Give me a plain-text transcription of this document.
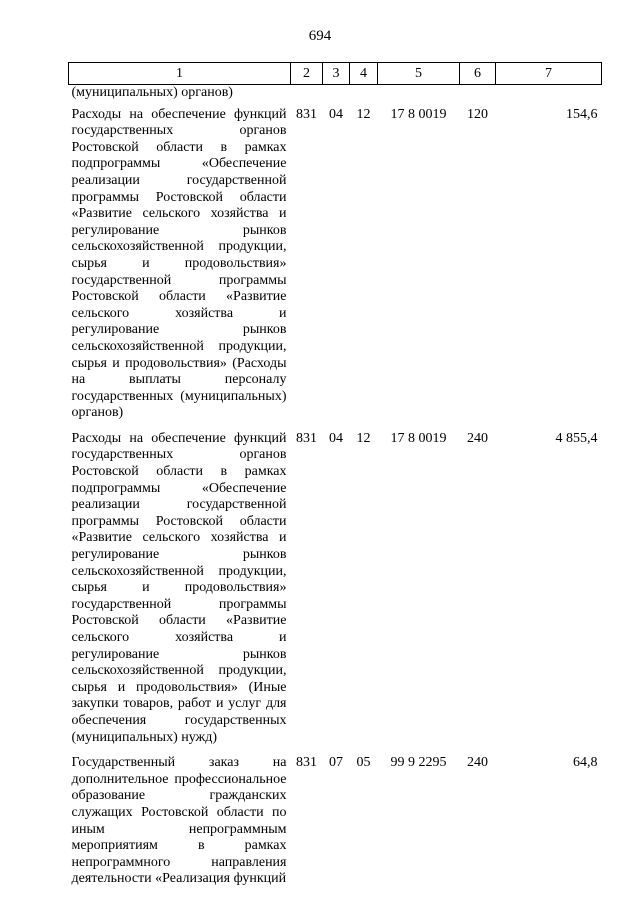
694
1	2	3	4	5	6	7
(муниципальных) органов)						
Расходы на обеспечение функций государственных органов Ростовской области в рамках подпрограммы «Обеспечение реализации государственной программы Ростовской области «Развитие сельского хозяйства и регулирование рынков сельскохозяйственной продукции, сырья и продовольствия» государственной программы Ростовской области «Развитие сельского хозяйства и регулирование рынков сельскохозяйственной продукции, сырья и продовольствия» (Расходы на выплаты персоналу государственных (муниципальных) органов)	831	04	12	17 8 0019	120	154,6
Расходы на обеспечение функций государственных органов Ростовской области в рамках подпрограммы «Обеспечение реализации государственной программы Ростовской области «Развитие сельского хозяйства и регулирование рынков сельскохозяйственной продукции, сырья и продовольствия» государственной программы Ростовской области «Развитие сельского хозяйства и регулирование рынков сельскохозяйственной продукции, сырья и продовольствия» (Иные закупки товаров, работ и услуг для обеспечения государственных (муниципальных) нужд)	831	04	12	17 8 0019	240	4 855,4
Государственный заказ на дополнительное профессиональное образование гражданских служащих Ростовской области по иным непрограммным мероприятиям в рамках непрограммного направления деятельности «Реализация функций	831	07	05	99 9 2295	240	64,8
